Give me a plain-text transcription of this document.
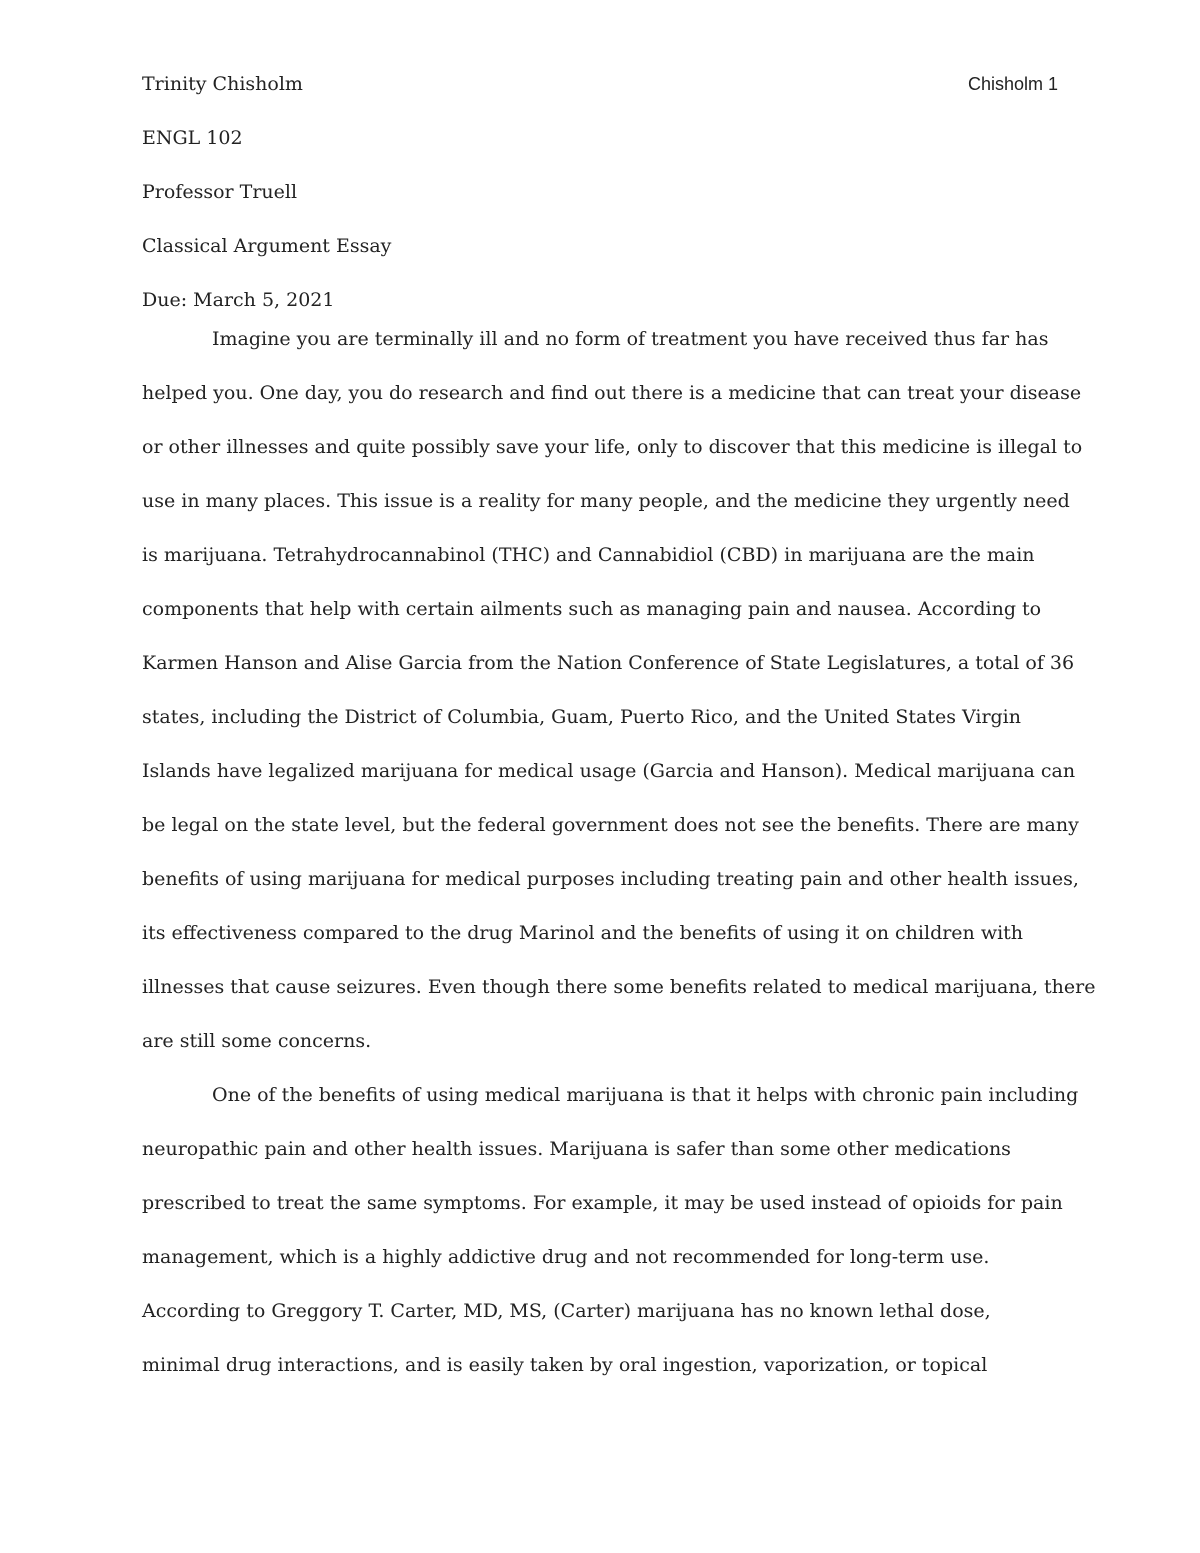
Chisholm 1
Trinity Chisholm
ENGL 102
Professor Truell
Classical Argument Essay
Due: March 5, 2021
Imagine you are terminally ill and no form of treatment you have received thus far has
helped you. One day, you do research and find out there is a medicine that can treat your disease
or other illnesses and quite possibly save your life, only to discover that this medicine is illegal to
use in many places. This issue is a reality for many people, and the medicine they urgently need
is marijuana. Tetrahydrocannabinol (THC) and Cannabidiol (CBD) in marijuana are the main
components that help with certain ailments such as managing pain and nausea. According to
Karmen Hanson and Alise Garcia from the Nation Conference of State Legislatures, a total of 36
states, including the District of Columbia, Guam, Puerto Rico, and the United States Virgin
Islands have legalized marijuana for medical usage (Garcia and Hanson). Medical marijuana can
be legal on the state level, but the federal government does not see the benefits. There are many
benefits of using marijuana for medical purposes including treating pain and other health issues,
its effectiveness compared to the drug Marinol and the benefits of using it on children with
illnesses that cause seizures. Even though there some benefits related to medical marijuana, there
are still some concerns.
One of the benefits of using medical marijuana is that it helps with chronic pain including
neuropathic pain and other health issues. Marijuana is safer than some other medications
prescribed to treat the same symptoms. For example, it may be used instead of opioids for pain
management, which is a highly addictive drug and not recommended for long-term use.
According to Greggory T. Carter, MD, MS, (Carter) marijuana has no known lethal dose,
minimal drug interactions, and is easily taken by oral ingestion, vaporization, or topical
